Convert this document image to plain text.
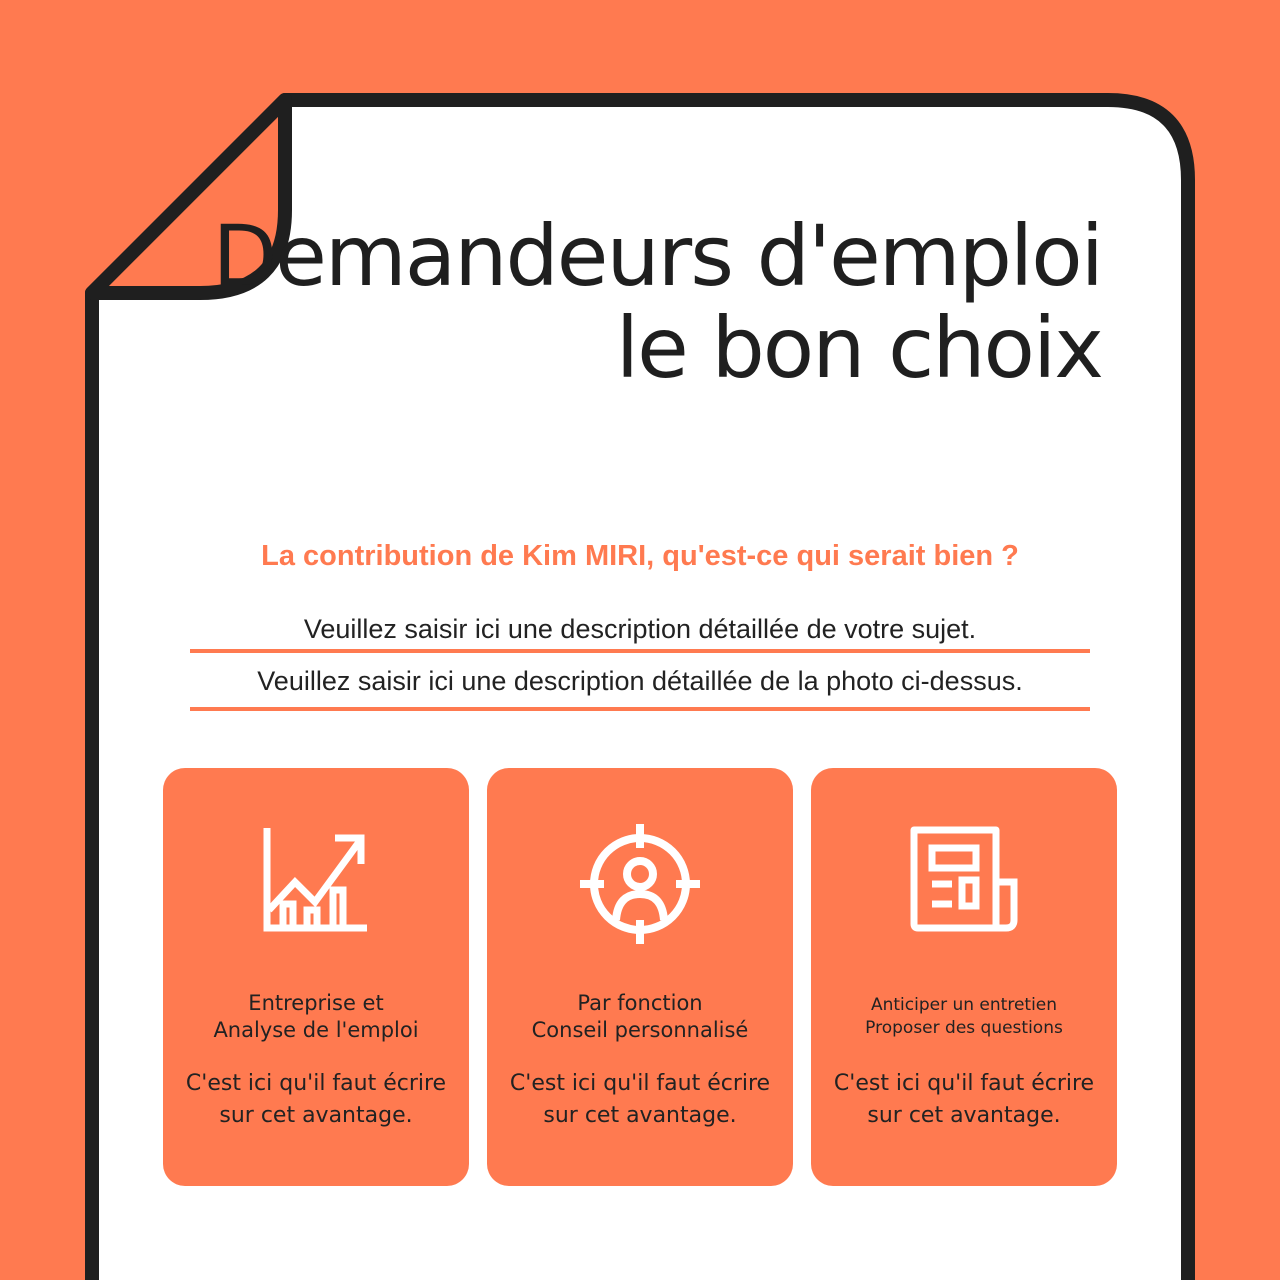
Demandeurs d'emploi
le bon choix
La contribution de Kim MIRI, qu'est-ce qui serait bien ?
Veuillez saisir ici une description détaillée de votre sujet.
Veuillez saisir ici une description détaillée de la photo ci-dessus.
Entreprise et
Analyse de l'emploi
C'est ici qu'il faut écrire
sur cet avantage.
Par fonction
Conseil personnalisé
C'est ici qu'il faut écrire
sur cet avantage.
Anticiper un entretien
Proposer des questions
C'est ici qu'il faut écrire
sur cet avantage.
